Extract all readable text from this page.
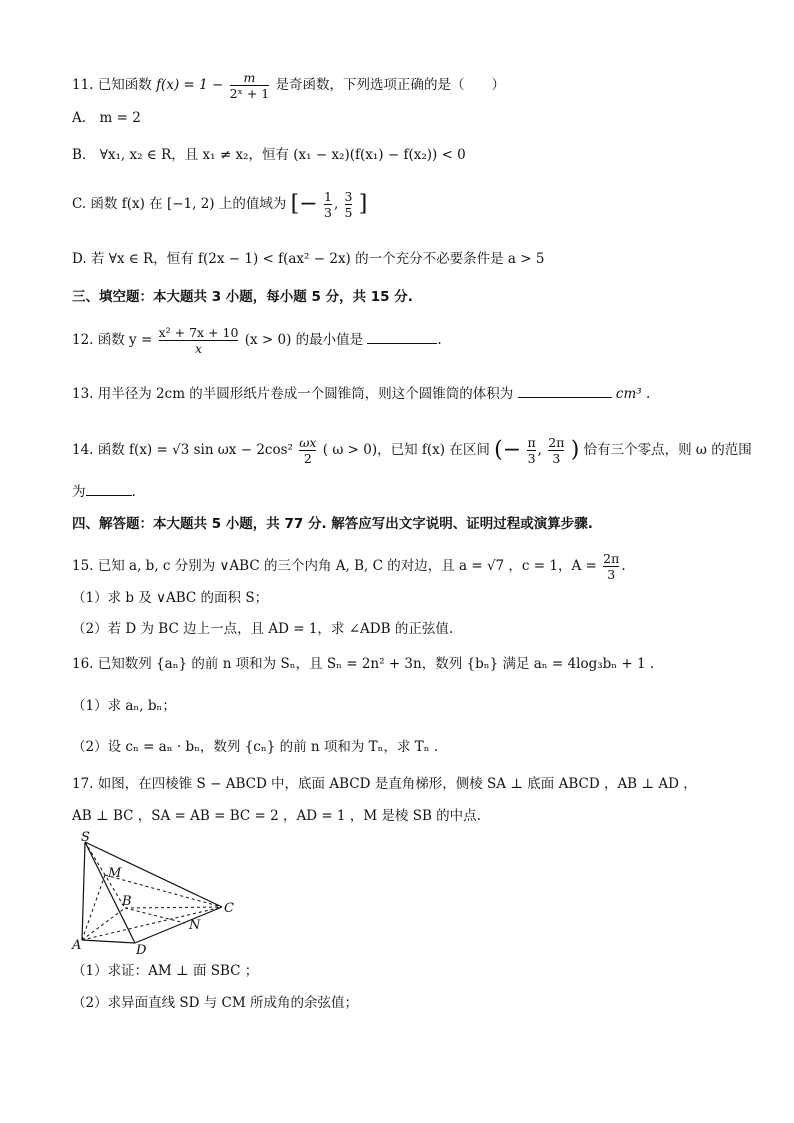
11. 已知函数 $f(x) = 1 - \frac{m}{\text{2ˣ + 1}}$ 是奇函数，下列选项正确的是（　　）
A.　m = 2
B.　∀x₁, x₂ ∈ R，且 x₁ ≠ x₂，恒有 (x₁ − x₂)(f(x₁) − f(x₂)) < 0
C. 函数 f(x) 在 [−1, 2) 上的值域为 [− $\frac{1}{3}$ , $\frac{3}{5}$ ]
D. 若 ∀x ∈ R，恒有 f(2x − 1) < f(ax² − 2x) 的一个充分不必要条件是 a > 5
三、填空题：本大题共 3 小题，每小题 5 分，共 15 分.
12. 函数 $y = \frac{\text{x² + 7x + 10}}{x} (x > 0)$ 的最小值是	.
13. 用半径为 2cm 的半圆形纸片卷成一个圆锥筒，则这个圆锥筒的体积为	cm³ .
14. 函数 f(x) = √3 $\sin \omega x - 2\cos^2 \frac{\omega x}{2}$ ( ω > 0)，已知 f(x) 在区间 (− $\frac{\pi}{3}$ , $\frac{2\pi}{3}$ ) 恰有三个零点，则 ω 的范围
为	.
四、解答题：本大题共 5 小题，共 77 分. 解答应写出文字说明、证明过程或演算步骤.
15. 已知 a, b, c 分别为 ∨ABC 的三个内角 A, B, C 的对边，且 a = √7 ，c = 1，$A = \frac{2\pi}{3}$ .
（1）求 b 及 ∨ABC 的面积 S；
（2）若 D 为 BC 边上一点，且 AD = 1，求 ∠ADB 的正弦值.
16. 已知数列 {aₙ} 的前 n 项和为 Sₙ，且 Sₙ = 2n² + 3n，数列 {bₙ} 满足 aₙ = 4log₃bₙ + 1 .
（1）求 aₙ, bₙ；
（2）设 cₙ = aₙ · bₙ，数列 {cₙ} 的前 n 项和为 Tₙ，求 Tₙ .
17. 如图，在四棱锥 S − ABCD 中，底面 ABCD 是直角梯形，侧棱 SA ⊥ 底面 ABCD ，AB ⊥ AD ，
AB ⊥ BC ，SA = AB = BC = 2 ，AD = 1 ，M 是棱 SB 的中点.
S
M
B	C
N
A	D
（1）求证：AM ⊥ 面 SBC ；
（2）求异面直线 SD 与 CM 所成角的余弦值；
